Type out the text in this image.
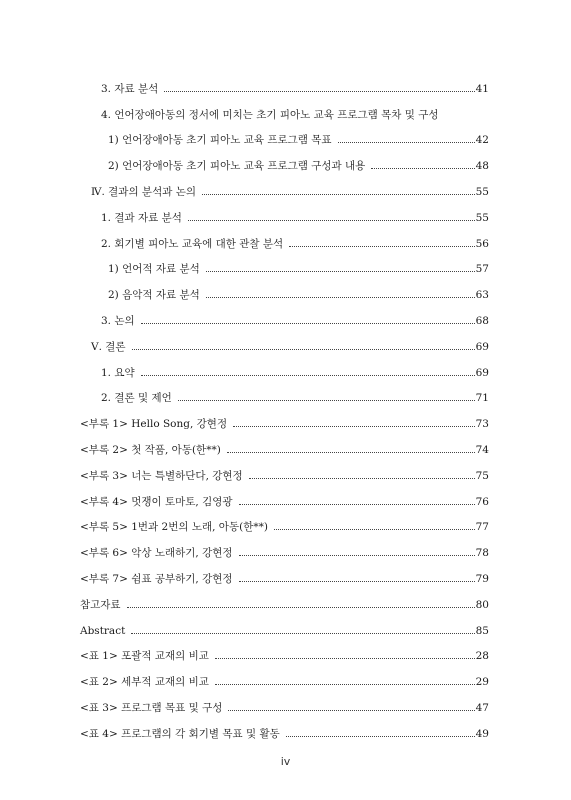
3. 자료 분석	41
4. 언어장애아동의 정서에 미치는 초기 피아노 교육 프로그램 목차 및 구성
1) 언어장애아동 초기 피아노 교육 프로그램 목표	42
2) 언어장애아동 초기 피아노 교육 프로그램 구성과 내용	48
Ⅳ. 결과의 분석과 논의	55
1. 결과 자료 분석	55
2. 회기별 피아노 교육에 대한 관찰 분석	56
1) 언어적 자료 분석	57
2) 음악적 자료 분석	63
3. 논의	68
Ⅴ. 결론	69
1. 요약	69
2. 결론 및 제언	71
<부록 1> Hello Song, 강현정	73
<부록 2> 첫 작품, 아동(한**)	74
<부록 3> 너는 특별하단다, 강현정	75
<부록 4> 멋쟁이 토마토, 김영광	76
<부록 5> 1번과 2번의 노래, 아동(한**)	77
<부록 6> 악상 노래하기, 강현정	78
<부록 7> 쉼표 공부하기, 강현정	79
참고자료	80
Abstract	85
<표 1> 포괄적 교재의 비교	28
<표 2> 세부적 교재의 비교	29
<표 3> 프로그램 목표 및 구성	47
<표 4> 프로그램의 각 회기별 목표 및 활동	49
iv
